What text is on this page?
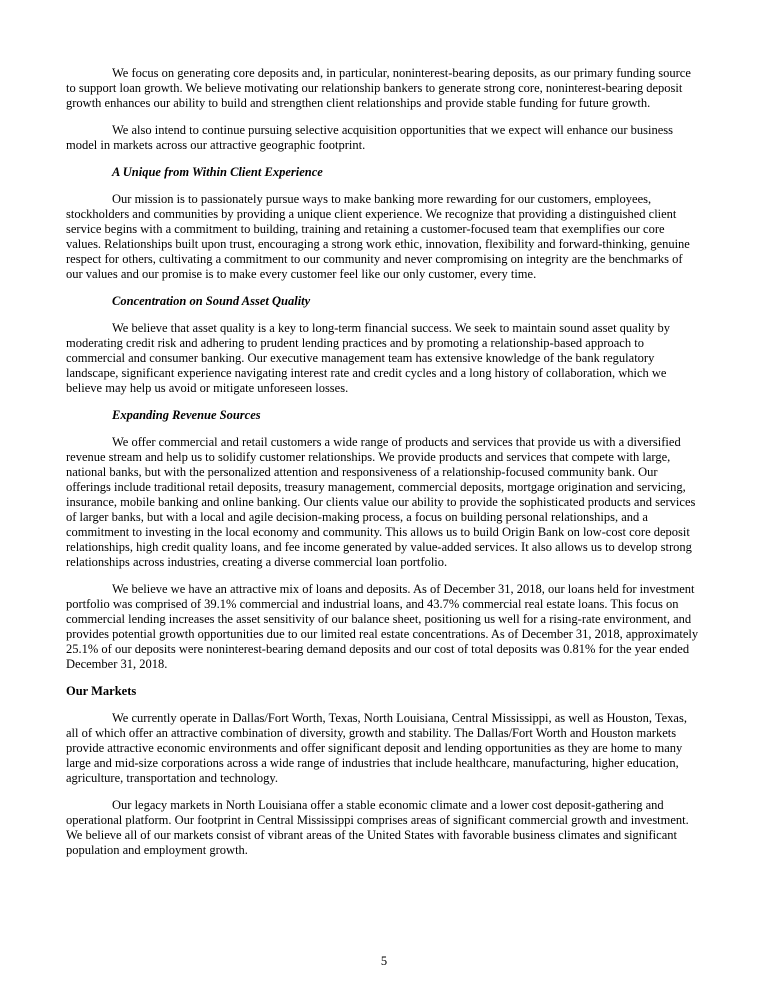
We focus on generating core deposits and, in particular, noninterest-bearing deposits, as our primary funding source to support loan growth. We believe motivating our relationship bankers to generate strong core, noninterest-bearing deposit growth enhances our ability to build and strengthen client relationships and provide stable funding for future growth.

We also intend to continue pursuing selective acquisition opportunities that we expect will enhance our business model in markets across our attractive geographic footprint.

A Unique from Within Client Experience

Our mission is to passionately pursue ways to make banking more rewarding for our customers, employees, stockholders and communities by providing a unique client experience. We recognize that providing a distinguished client service begins with a commitment to building, training and retaining a customer-focused team that exemplifies our core values. Relationships built upon trust, encouraging a strong work ethic, innovation, flexibility and forward-thinking, genuine respect for others, cultivating a commitment to our community and never compromising on integrity are the benchmarks of our values and our promise is to make every customer feel like our only customer, every time.

Concentration on Sound Asset Quality

We believe that asset quality is a key to long-term financial success. We seek to maintain sound asset quality by moderating credit risk and adhering to prudent lending practices and by promoting a relationship-based approach to commercial and consumer banking. Our executive management team has extensive knowledge of the bank regulatory landscape, significant experience navigating interest rate and credit cycles and a long history of collaboration, which we believe may help us avoid or mitigate unforeseen losses.

Expanding Revenue Sources

We offer commercial and retail customers a wide range of products and services that provide us with a diversified revenue stream and help us to solidify customer relationships. We provide products and services that compete with large, national banks, but with the personalized attention and responsiveness of a relationship-focused community bank. Our offerings include traditional retail deposits, treasury management, commercial deposits, mortgage origination and servicing, insurance, mobile banking and online banking. Our clients value our ability to provide the sophisticated products and services of larger banks, but with a local and agile decision-making process, a focus on building personal relationships, and a commitment to investing in the local economy and community. This allows us to build Origin Bank on low-cost core deposit relationships, high credit quality loans, and fee income generated by value-added services. It also allows us to develop strong relationships across industries, creating a diverse commercial loan portfolio.

We believe we have an attractive mix of loans and deposits. As of December 31, 2018, our loans held for investment portfolio was comprised of 39.1% commercial and industrial loans, and 43.7% commercial real estate loans. This focus on commercial lending increases the asset sensitivity of our balance sheet, positioning us well for a rising-rate environment, and provides potential growth opportunities due to our limited real estate concentrations. As of December 31, 2018, approximately 25.1% of our deposits were noninterest-bearing demand deposits and our cost of total deposits was 0.81% for the year ended December 31, 2018.

Our Markets

We currently operate in Dallas/Fort Worth, Texas, North Louisiana, Central Mississippi, as well as Houston, Texas, all of which offer an attractive combination of diversity, growth and stability. The Dallas/Fort Worth and Houston markets provide attractive economic environments and offer significant deposit and lending opportunities as they are home to many large and mid-size corporations across a wide range of industries that include healthcare, manufacturing, higher education, agriculture, transportation and technology.

Our legacy markets in North Louisiana offer a stable economic climate and a lower cost deposit-gathering and operational platform. Our footprint in Central Mississippi comprises areas of significant commercial growth and investment. We believe all of our markets consist of vibrant areas of the United States with favorable business climates and significant population and employment growth.

5
